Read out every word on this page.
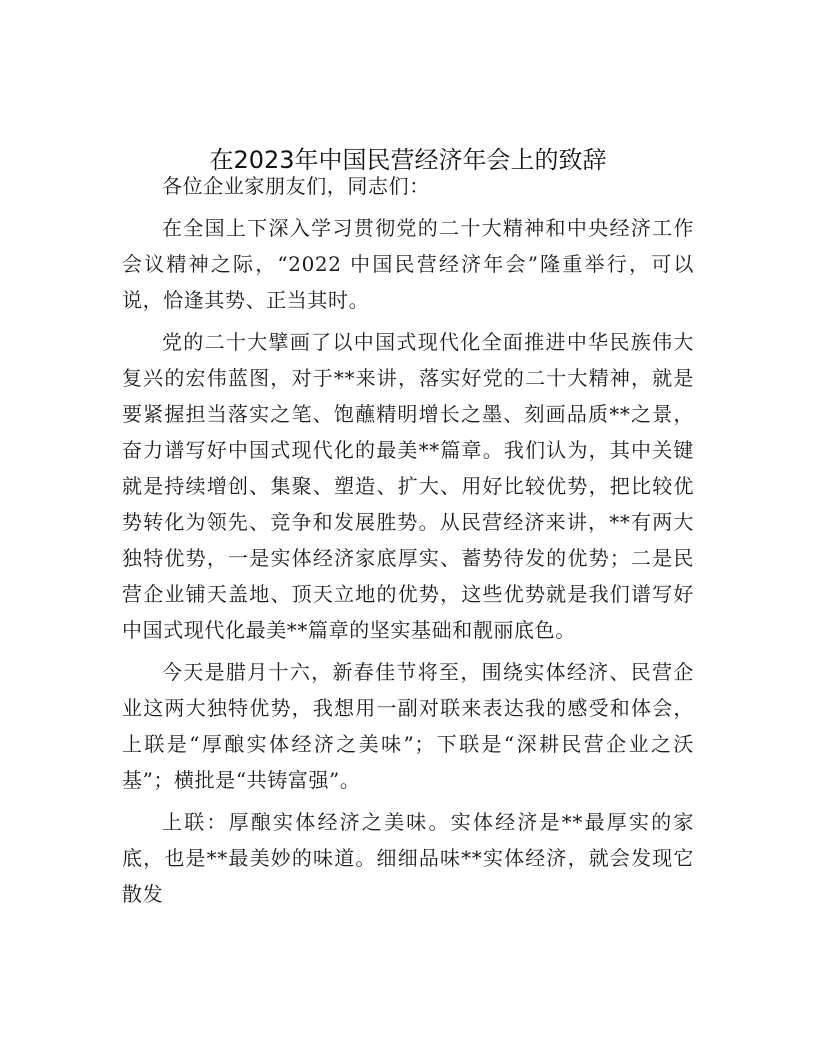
在2023年中国民营经济年会上的致辞

各位企业家朋友们，同志们：

在全国上下深入学习贯彻党的二十大精神和中央经济工作会议精神之际，“2022 中国民营经济年会”隆重举行，可以说，恰逢其势、正当其时。

党的二十大擘画了以中国式现代化全面推进中华民族伟大复兴的宏伟蓝图，对于**来讲，落实好党的二十大精神，就是要紧握担当落实之笔、饱蘸精明增长之墨、刻画品质**之景，奋力谱写好中国式现代化的最美**篇章。我们认为，其中关键就是持续增创、集聚、塑造、扩大、用好比较优势，把比较优势转化为领先、竞争和发展胜势。从民营经济来讲，**有两大独特优势，一是实体经济家底厚实、蓄势待发的优势；二是民营企业铺天盖地、顶天立地的优势，这些优势就是我们谱写好中国式现代化最美**篇章的坚实基础和靓丽底色。

今天是腊月十六，新春佳节将至，围绕实体经济、民营企业这两大独特优势，我想用一副对联来表达我的感受和体会，上联是“厚酿实体经济之美味”；下联是“深耕民营企业之沃基”；横批是“共铸富强”。

上联：厚酿实体经济之美味。实体经济是**最厚实的家底，也是**最美妙的味道。细细品味**实体经济，就会发现它散发
